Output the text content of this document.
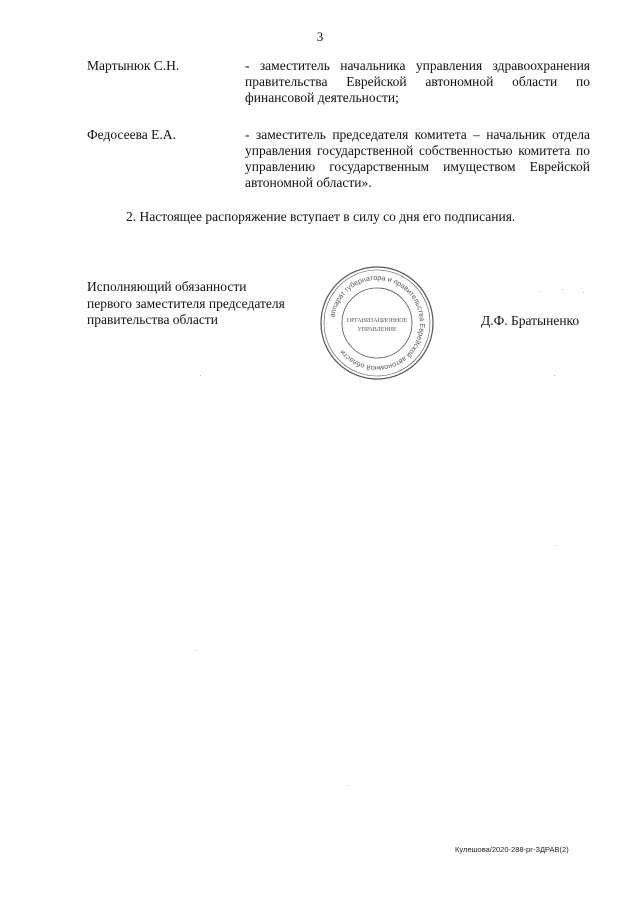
3
Мартынюк С.Н.	- заместитель начальника управления здравоохранения правительства Еврейской автономной области по финансовой деятельности;
Федосеева Е.А.	- заместитель председателя комитета – начальник отдела управления государственной собственностью комитета по управлению государственным имуществом Еврейской автономной области».
2. Настоящее распоряжение вступает в силу со дня его подписания.
Исполняющий обязанности
первого заместителя председателя
правительства области	аппарат губернатора и правительства Еврейской автономной области
ОРГАНИЗАЦИОННОЕ
УПРАВЛЕНИЕ
Д.Ф. Братыненко
Кулешова/2020-288-рг-ЗДРАВ(2)
